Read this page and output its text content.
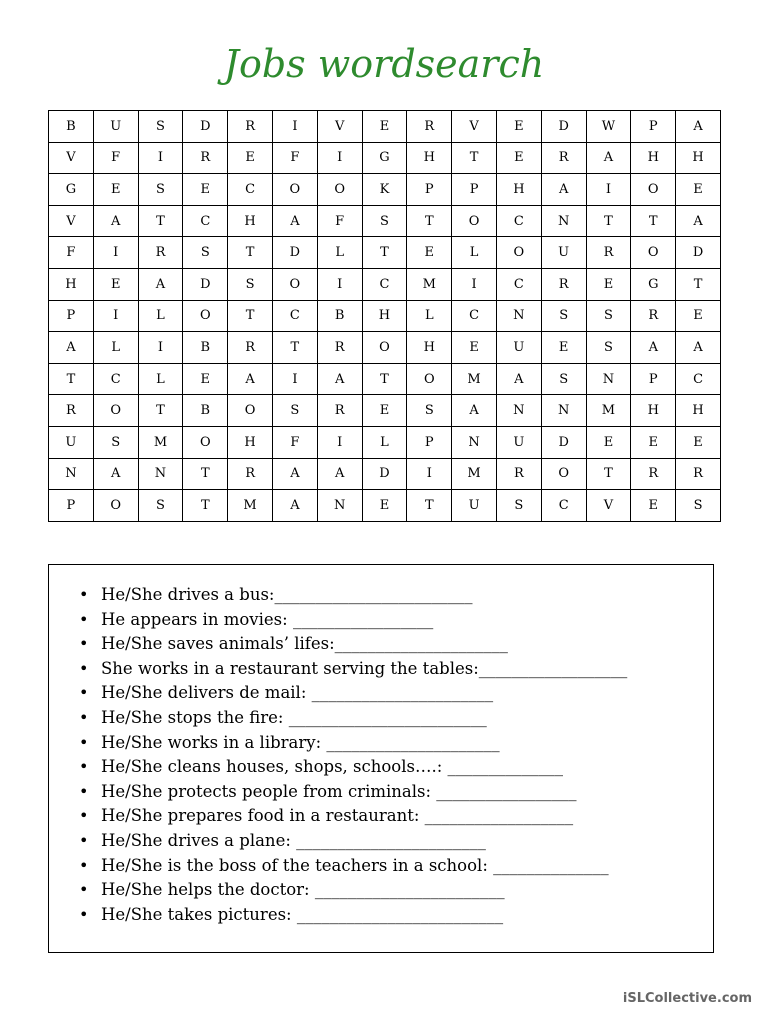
Jobs wordsearch
B	U	S	D	R	I	V	E	R	V	E	D	W	P	A
V	F	I	R	E	F	I	G	H	T	E	R	A	H	H
G	E	S	E	C	O	O	K	P	P	H	A	I	O	E
V	A	T	C	H	A	F	S	T	O	C	N	T	T	A
F	I	R	S	T	D	L	T	E	L	O	U	R	O	D
H	E	A	D	S	O	I	C	M	I	C	R	E	G	T
P	I	L	O	T	C	B	H	L	C	N	S	S	R	E
A	L	I	B	R	T	R	O	H	E	U	E	S	A	A
T	C	L	E	A	I	A	T	O	M	A	S	N	P	C
R	O	T	B	O	S	R	E	S	A	N	N	M	H	H
U	S	M	O	H	F	I	L	P	N	U	D	E	E	E
N	A	N	T	R	A	A	D	I	M	R	O	T	R	R
P	O	S	T	M	A	N	E	T	U	S	C	V	E	S
• He/She drives a bus:________________________
• He appears in movies: _________________
• He/She saves animals’ lifes:_____________________
• She works in a restaurant serving the tables:__________________
• He/She delivers de mail: ______________________
• He/She stops the fire: ________________________
• He/She works in a library: _____________________
• He/She cleans houses, shops, schools….: ______________
• He/She protects people from criminals: _________________
• He/She prepares food in a restaurant: __________________
• He/She drives a plane: _______________________
• He/She is the boss of the teachers in a school: ______________
• He/She helps the doctor: _______________________
• He/She takes pictures: _________________________
iSLCollective.com
